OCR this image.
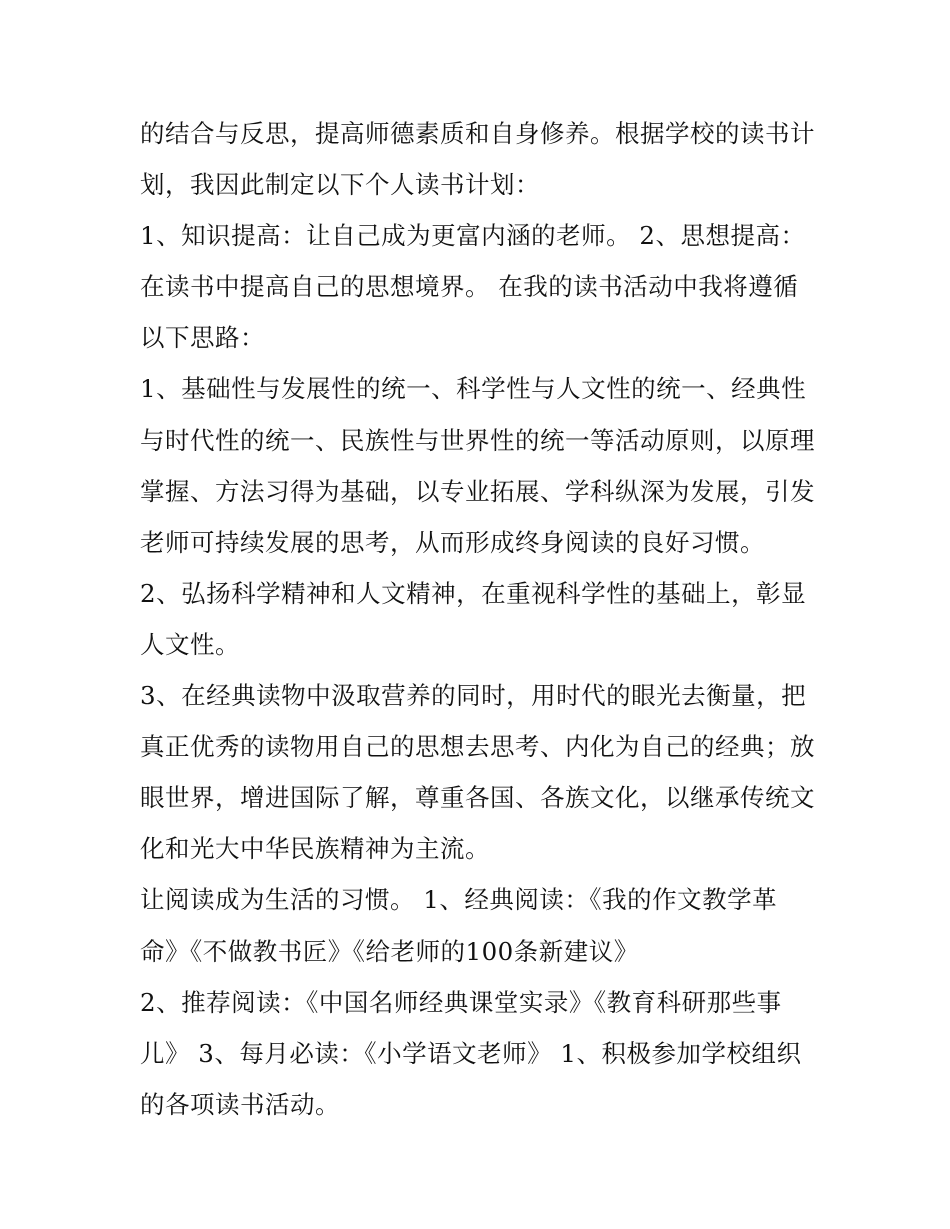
的结合与反思，提高师德素质和自身修养。根据学校的读书计
划，我因此制定以下个人读书计划：
1、知识提高：让自己成为更富内涵的老师。 2、思想提高：
在读书中提高自己的思想境界。 在我的读书活动中我将遵循
以下思路：
1、基础性与发展性的统一、科学性与人文性的统一、经典性
与时代性的统一、民族性与世界性的统一等活动原则，以原理
掌握、方法习得为基础，以专业拓展、学科纵深为发展，引发
老师可持续发展的思考，从而形成终身阅读的良好习惯。
2、弘扬科学精神和人文精神，在重视科学性的基础上，彰显
人文性。
3、在经典读物中汲取营养的同时，用时代的眼光去衡量，把
真正优秀的读物用自己的思想去思考、内化为自己的经典；放
眼世界，增进国际了解，尊重各国、各族文化，以继承传统文
化和光大中华民族精神为主流。
让阅读成为生活的习惯。 1、经典阅读：《我的作文教学革
命》《不做教书匠》《给老师的100条新建议》
2、推荐阅读：《中国名师经典课堂实录》《教育科研那些事
儿》 3、每月必读：《小学语文老师》 1、积极参加学校组织
的各项读书活动。
